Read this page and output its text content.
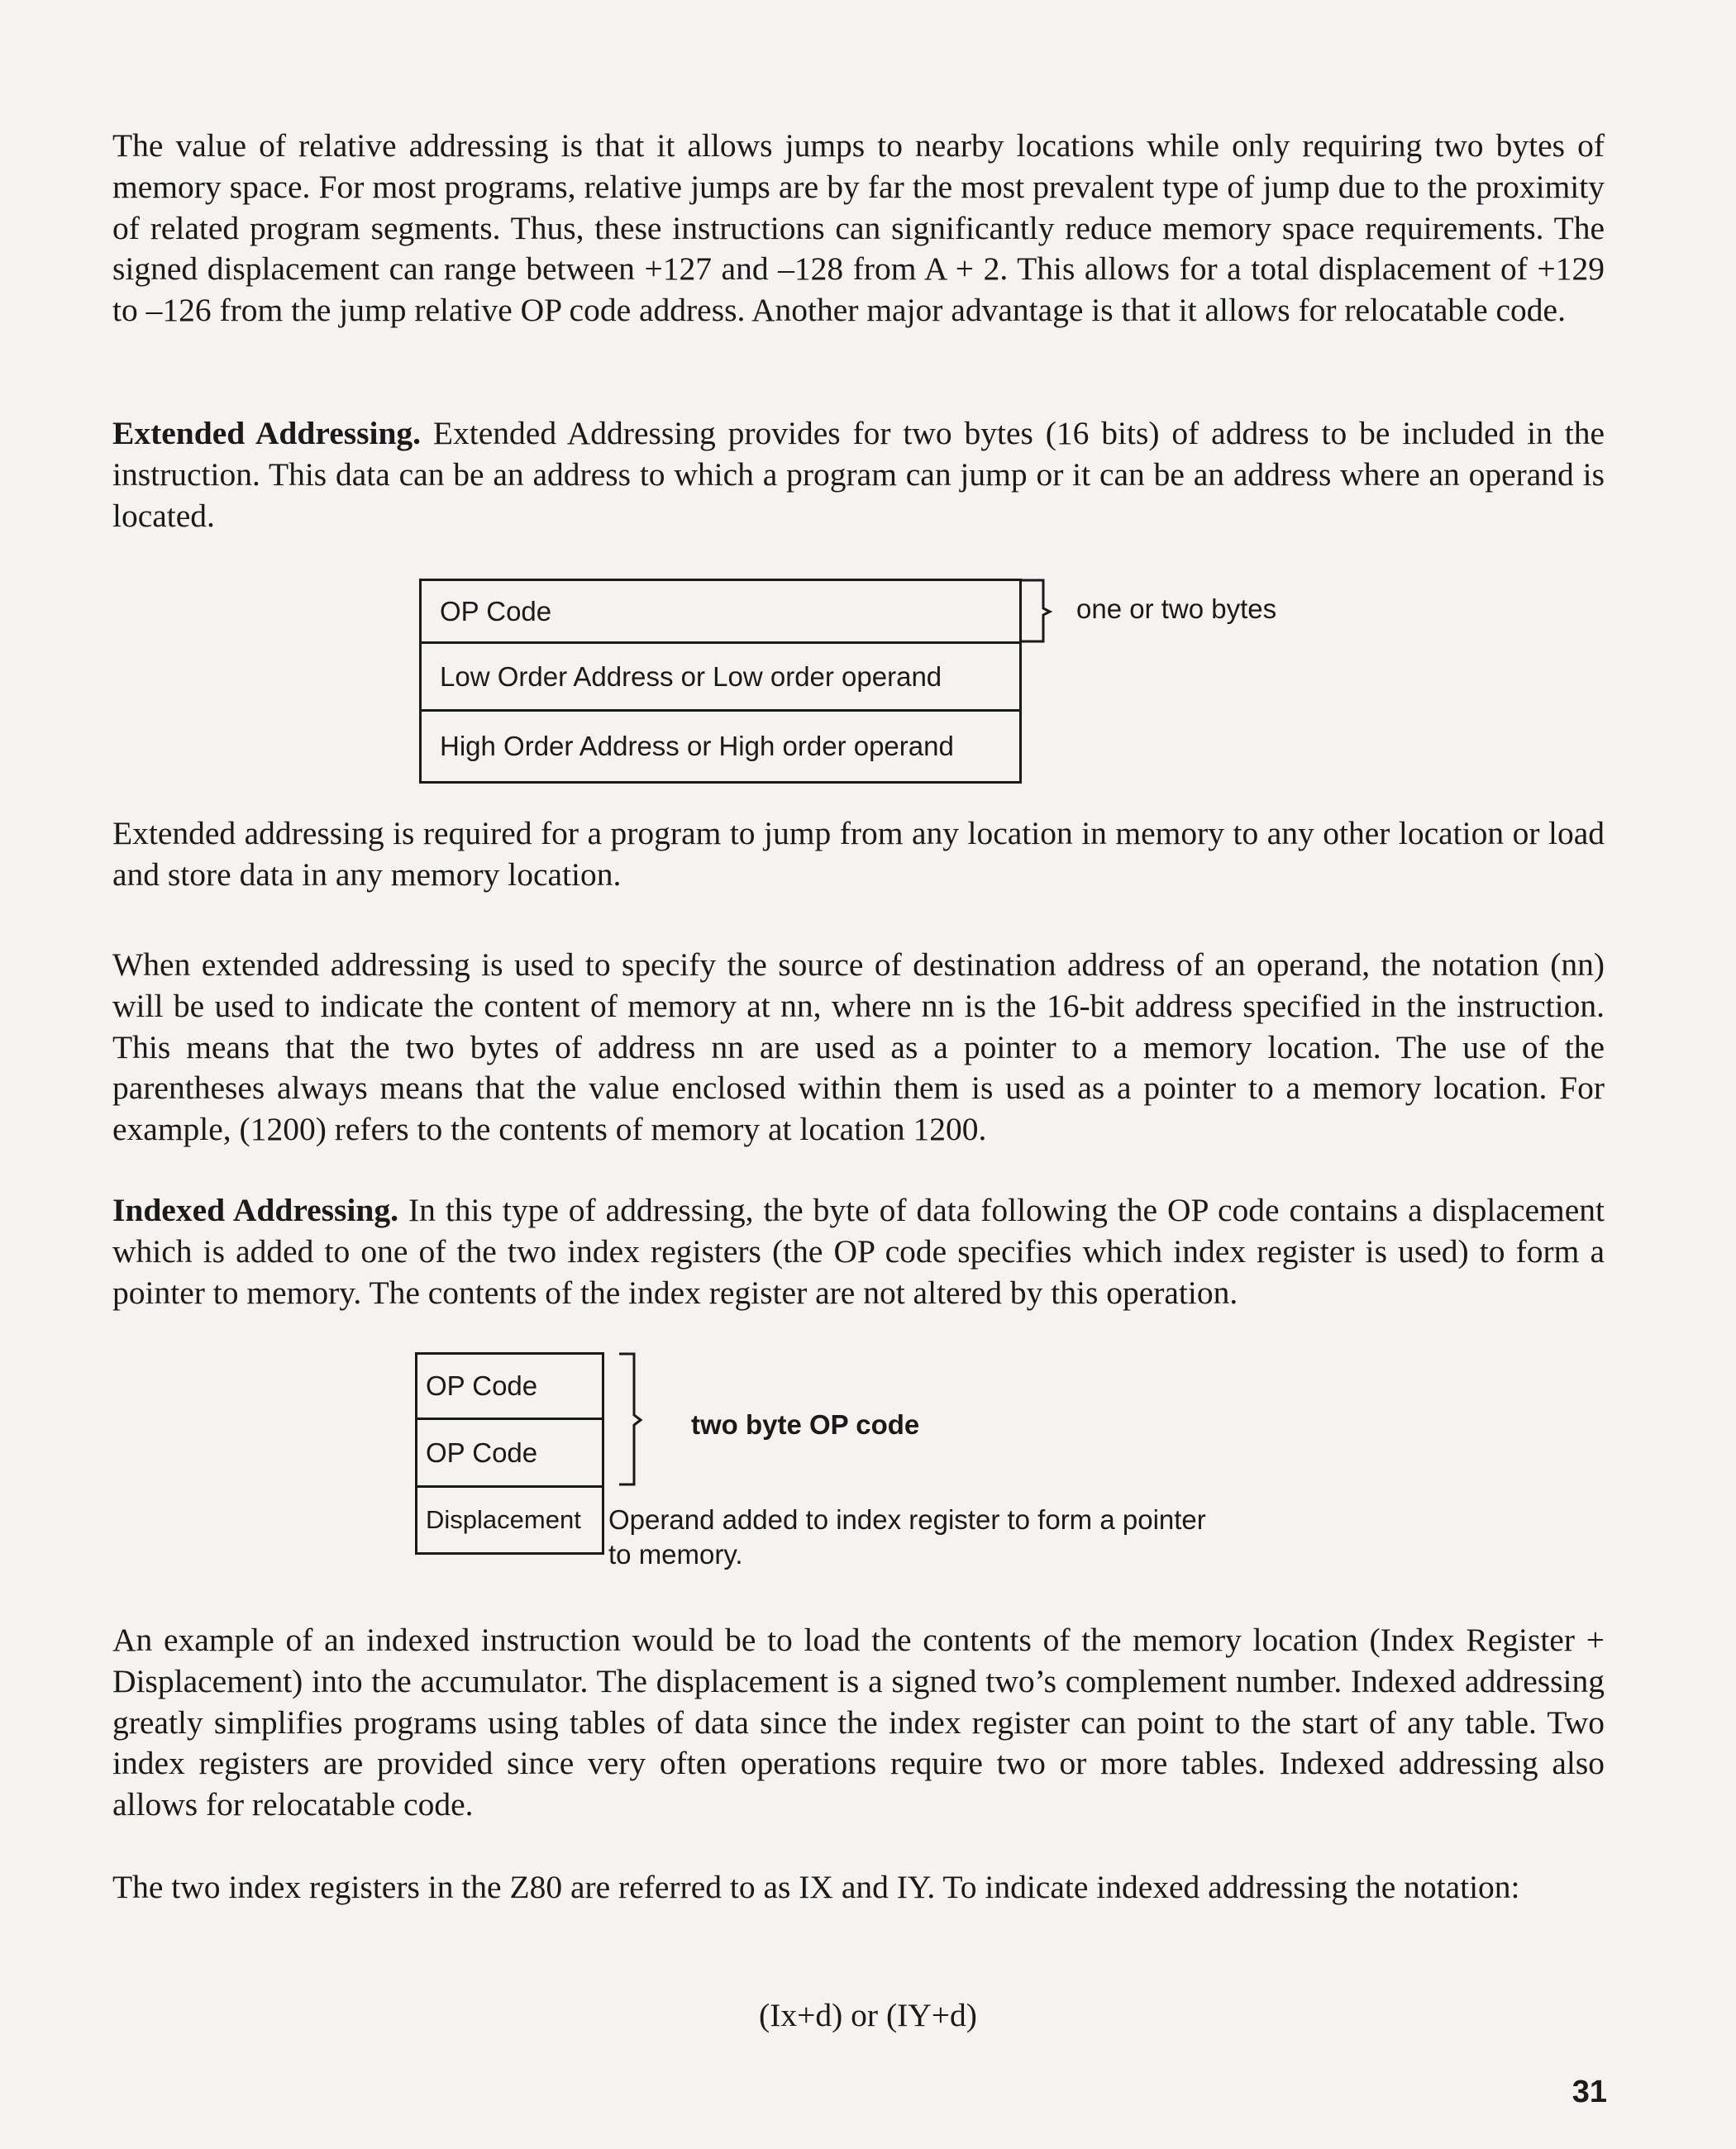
The value of relative addressing is that it allows jumps to nearby locations while only requiring two bytes of memory space. For most programs, relative jumps are by far the most prevalent type of jump due to the proximity of related program segments. Thus, these instructions can significantly reduce memory space requirements. The signed displacement can range between +127 and –128 from A + 2. This allows for a total displacement of +129 to –126 from the jump relative OP code address. Another major advantage is that it allows for relocatable code.

Extended Addressing. Extended Addressing provides for two bytes (16 bits) of address to be included in the instruction. This data can be an address to which a program can jump or it can be an address where an operand is located.

OP Code
Low Order Address or Low order operand
High Order Address or High order operand
one or two bytes

Extended addressing is required for a program to jump from any location in memory to any other location or load and store data in any memory location.

When extended addressing is used to specify the source of destination address of an operand, the notation (nn) will be used to indicate the content of memory at nn, where nn is the 16-bit address specified in the instruction. This means that the two bytes of address nn are used as a pointer to a memory location. The use of the parentheses always means that the value enclosed within them is used as a pointer to a memory location. For example, (1200) refers to the contents of memory at location 1200.

Indexed Addressing. In this type of addressing, the byte of data following the OP code contains a displacement which is added to one of the two index registers (the OP code specifies which index register is used) to form a pointer to memory. The contents of the index register are not altered by this operation.

OP Code
OP Code
Displacement
two byte OP code
Operand added to index register to form a pointer
to memory.

An example of an indexed instruction would be to load the contents of the memory location (Index Register + Displacement) into the accumulator. The displacement is a signed two’s complement number. Indexed addressing greatly simplifies programs using tables of data since the index register can point to the start of any table. Two index registers are provided since very often operations require two or more tables. Indexed addressing also allows for relocatable code.

The two index registers in the Z80 are referred to as IX and IY. To indicate indexed addressing the notation:

(Ix+d) or (IY+d)
31
